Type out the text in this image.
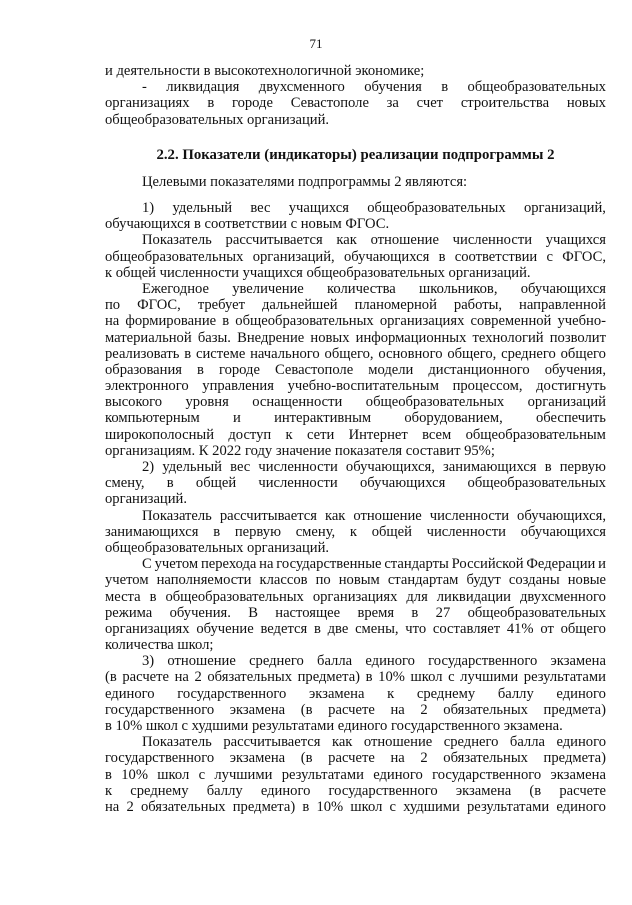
71
и деятельности в высокотехнологичной экономике;
- ликвидация двухсменного обучения в общеобразовательных
организациях в городе Севастополе за счет строительства новых
общеобразовательных организаций.
2.2. Показатели (индикаторы) реализации подпрограммы 2
Целевыми показателями подпрограммы 2 являются:
1) удельный вес учащихся общеобразовательных организаций,
обучающихся в соответствии с новым ФГОС.
Показатель рассчитывается как отношение численности учащихся
общеобразовательных организаций, обучающихся в соответствии с ФГОС,
к общей численности учащихся общеобразовательных организаций.
Ежегодное увеличение количества школьников, обучающихся
по ФГОС, требует дальнейшей планомерной работы, направленной
на формирование в общеобразовательных организациях современной учебно-
материальной базы. Внедрение новых информационных технологий позволит
реализовать в системе начального общего, основного общего, среднего общего
образования в городе Севастополе модели дистанционного обучения,
электронного управления учебно-воспитательным процессом, достигнуть
высокого уровня оснащенности общеобразовательных организаций
компьютерным и интерактивным оборудованием, обеспечить
широкополосный доступ к сети Интернет всем общеобразовательным
организациям. К 2022 году значение показателя составит 95%;
2) удельный вес численности обучающихся, занимающихся в первую
смену, в общей численности обучающихся общеобразовательных
организаций.
Показатель рассчитывается как отношение численности обучающихся,
занимающихся в первую смену, к общей численности обучающихся
общеобразовательных организаций.
С учетом перехода на государственные стандарты Российской Федерации и
учетом наполняемости классов по новым стандартам будут созданы новые
места в общеобразовательных организациях для ликвидации двухсменного
режима обучения. В настоящее время в 27 общеобразовательных
организациях обучение ведется в две смены, что составляет 41% от общего
количества школ;
3) отношение среднего балла единого государственного экзамена
(в расчете на 2 обязательных предмета) в 10% школ с лучшими результатами
единого государственного экзамена к среднему баллу единого
государственного экзамена (в расчете на 2 обязательных предмета)
в 10% школ с худшими результатами единого государственного экзамена.
Показатель рассчитывается как отношение среднего балла единого
государственного экзамена (в расчете на 2 обязательных предмета)
в 10% школ с лучшими результатами единого государственного экзамена
к среднему баллу единого государственного экзамена (в расчете
на 2 обязательных предмета) в 10% школ с худшими результатами единого
